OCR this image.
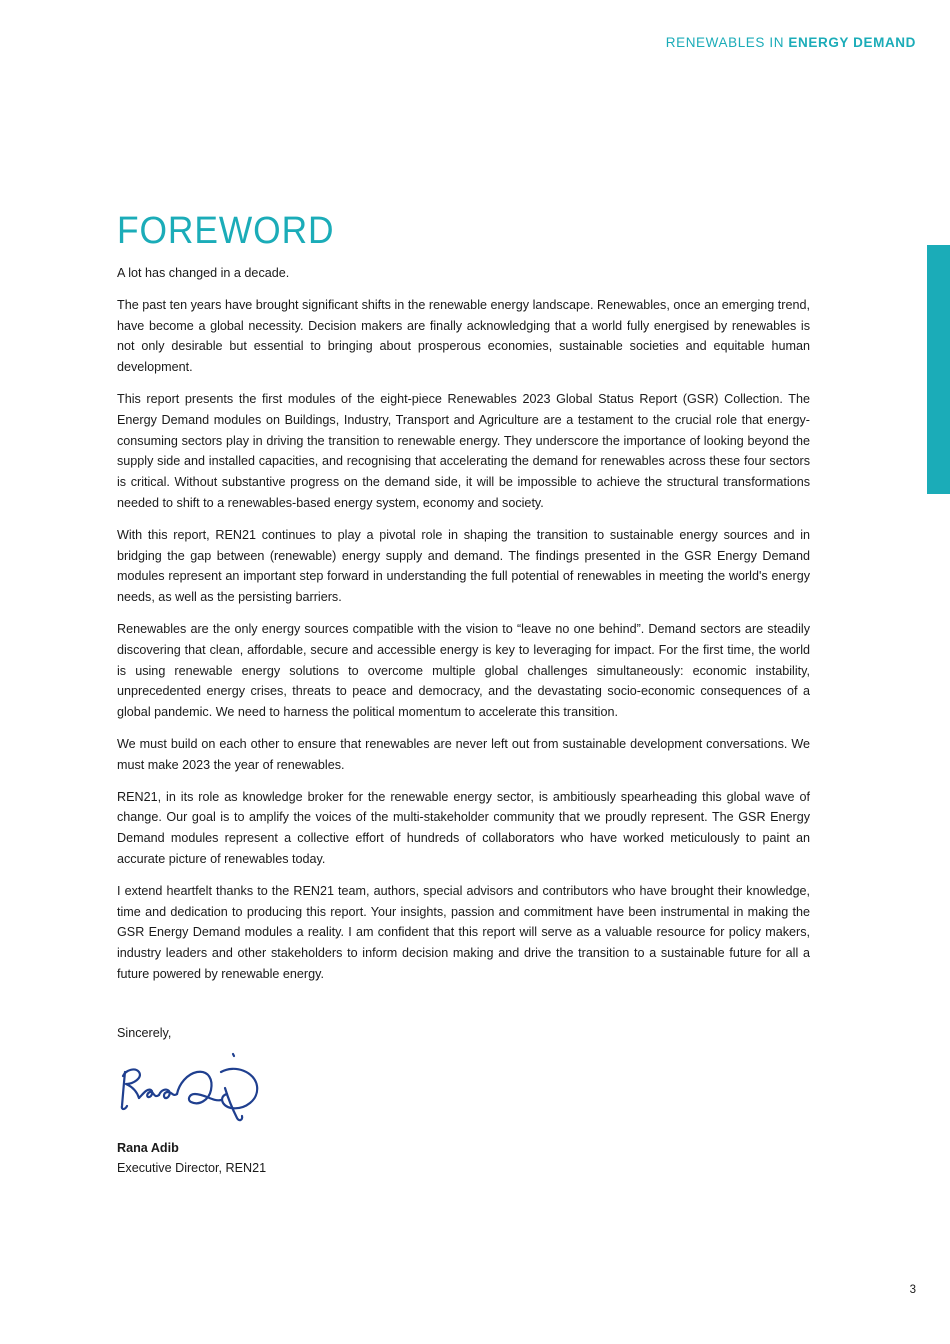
RENEWABLES IN ENERGY DEMAND
FOREWORD

A lot has changed in a decade.

The past ten years have brought significant shifts in the renewable energy landscape. Renewables, once an emerging trend, have become a global necessity. Decision makers are finally acknowledging that a world fully energised by renewables is not only desirable but essential to bringing about prosperous economies, sustainable societies and equitable human development.

This report presents the first modules of the eight-piece Renewables 2023 Global Status Report (GSR) Collection. The Energy Demand modules on Buildings, Industry, Transport and Agriculture are a testament to the crucial role that energy-consuming sectors play in driving the transition to renewable energy. They underscore the importance of looking beyond the supply side and installed capacities, and recognising that accelerating the demand for renewables across these four sectors is critical. Without substantive progress on the demand side, it will be impossible to achieve the structural transformations needed to shift to a renewables-based energy system, economy and society.

With this report, REN21 continues to play a pivotal role in shaping the transition to sustainable energy sources and in bridging the gap between (renewable) energy supply and demand. The findings presented in the GSR Energy Demand modules represent an important step forward in understanding the full potential of renewables in meeting the world's energy needs, as well as the persisting barriers.

Renewables are the only energy sources compatible with the vision to “leave no one behind”. Demand sectors are steadily discovering that clean, affordable, secure and accessible energy is key to leveraging for impact. For the first time, the world is using renewable energy solutions to overcome multiple global challenges simultaneously: economic instability, unprecedented energy crises, threats to peace and democracy, and the devastating socio-economic consequences of a global pandemic. We need to harness the political momentum to accelerate this transition.

We must build on each other to ensure that renewables are never left out from sustainable development conversations. We must make 2023 the year of renewables.

REN21, in its role as knowledge broker for the renewable energy sector, is ambitiously spearheading this global wave of change. Our goal is to amplify the voices of the multi-stakeholder community that we proudly represent. The GSR Energy Demand modules represent a collective effort of hundreds of collaborators who have worked meticulously to paint an accurate picture of renewables today.

I extend heartfelt thanks to the REN21 team, authors, special advisors and contributors who have brought their knowledge, time and dedication to producing this report. Your insights, passion and commitment have been instrumental in making the GSR Energy Demand modules a reality. I am confident that this report will serve as a valuable resource for policy makers, industry leaders and other stakeholders to inform decision making and drive the transition to a sustainable future for all a future powered by renewable energy.

Sincerely,
Rana Adib
Executive Director, REN21
3
